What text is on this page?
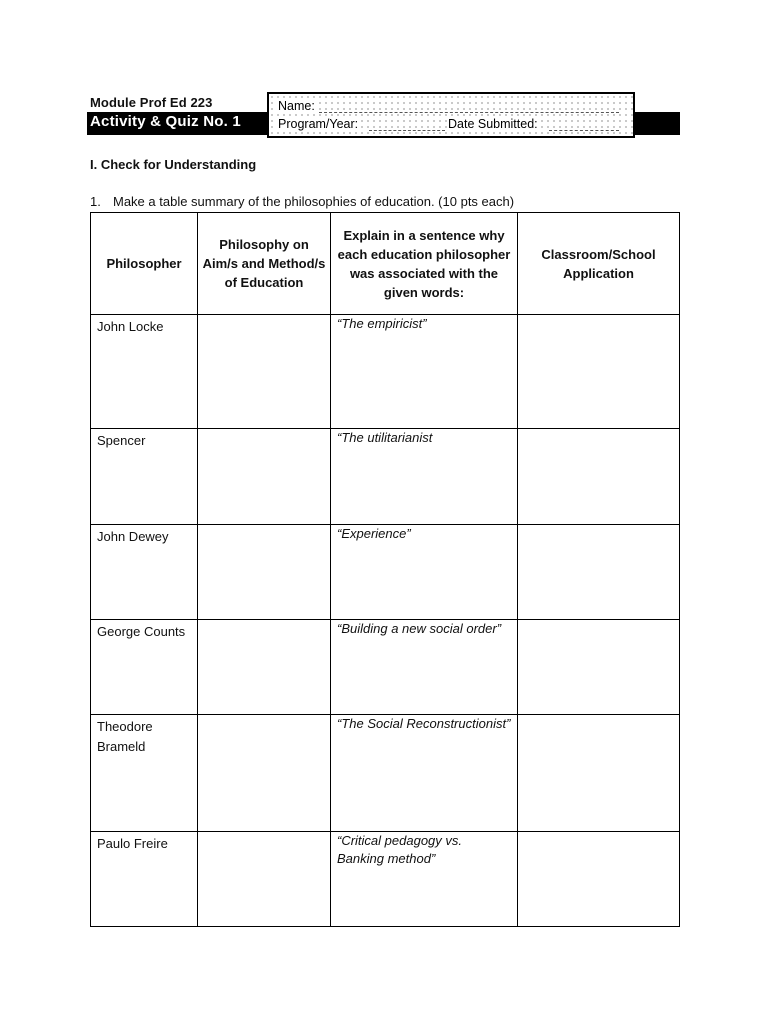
Module Prof Ed 223
Activity & Quiz No. 1
Name:
Program/Year:	Date Submitted:
I. Check for Understanding
1. Make a table summary of the philosophies of education. (10 pts each)
Philosopher	Philosophy on Aim/s and Method/s of Education	Explain in a sentence why each education philosopher was associated with the given words:	Classroom/School Application
John Locke		“The empiricist”	
Spencer		“The utilitarianist	
John Dewey		“Experience”	
George Counts		“Building a new social order”	
Theodore Brameld		“The Social Reconstructionist”	
Paulo Freire		“Critical pedagogy vs. Banking method”	
